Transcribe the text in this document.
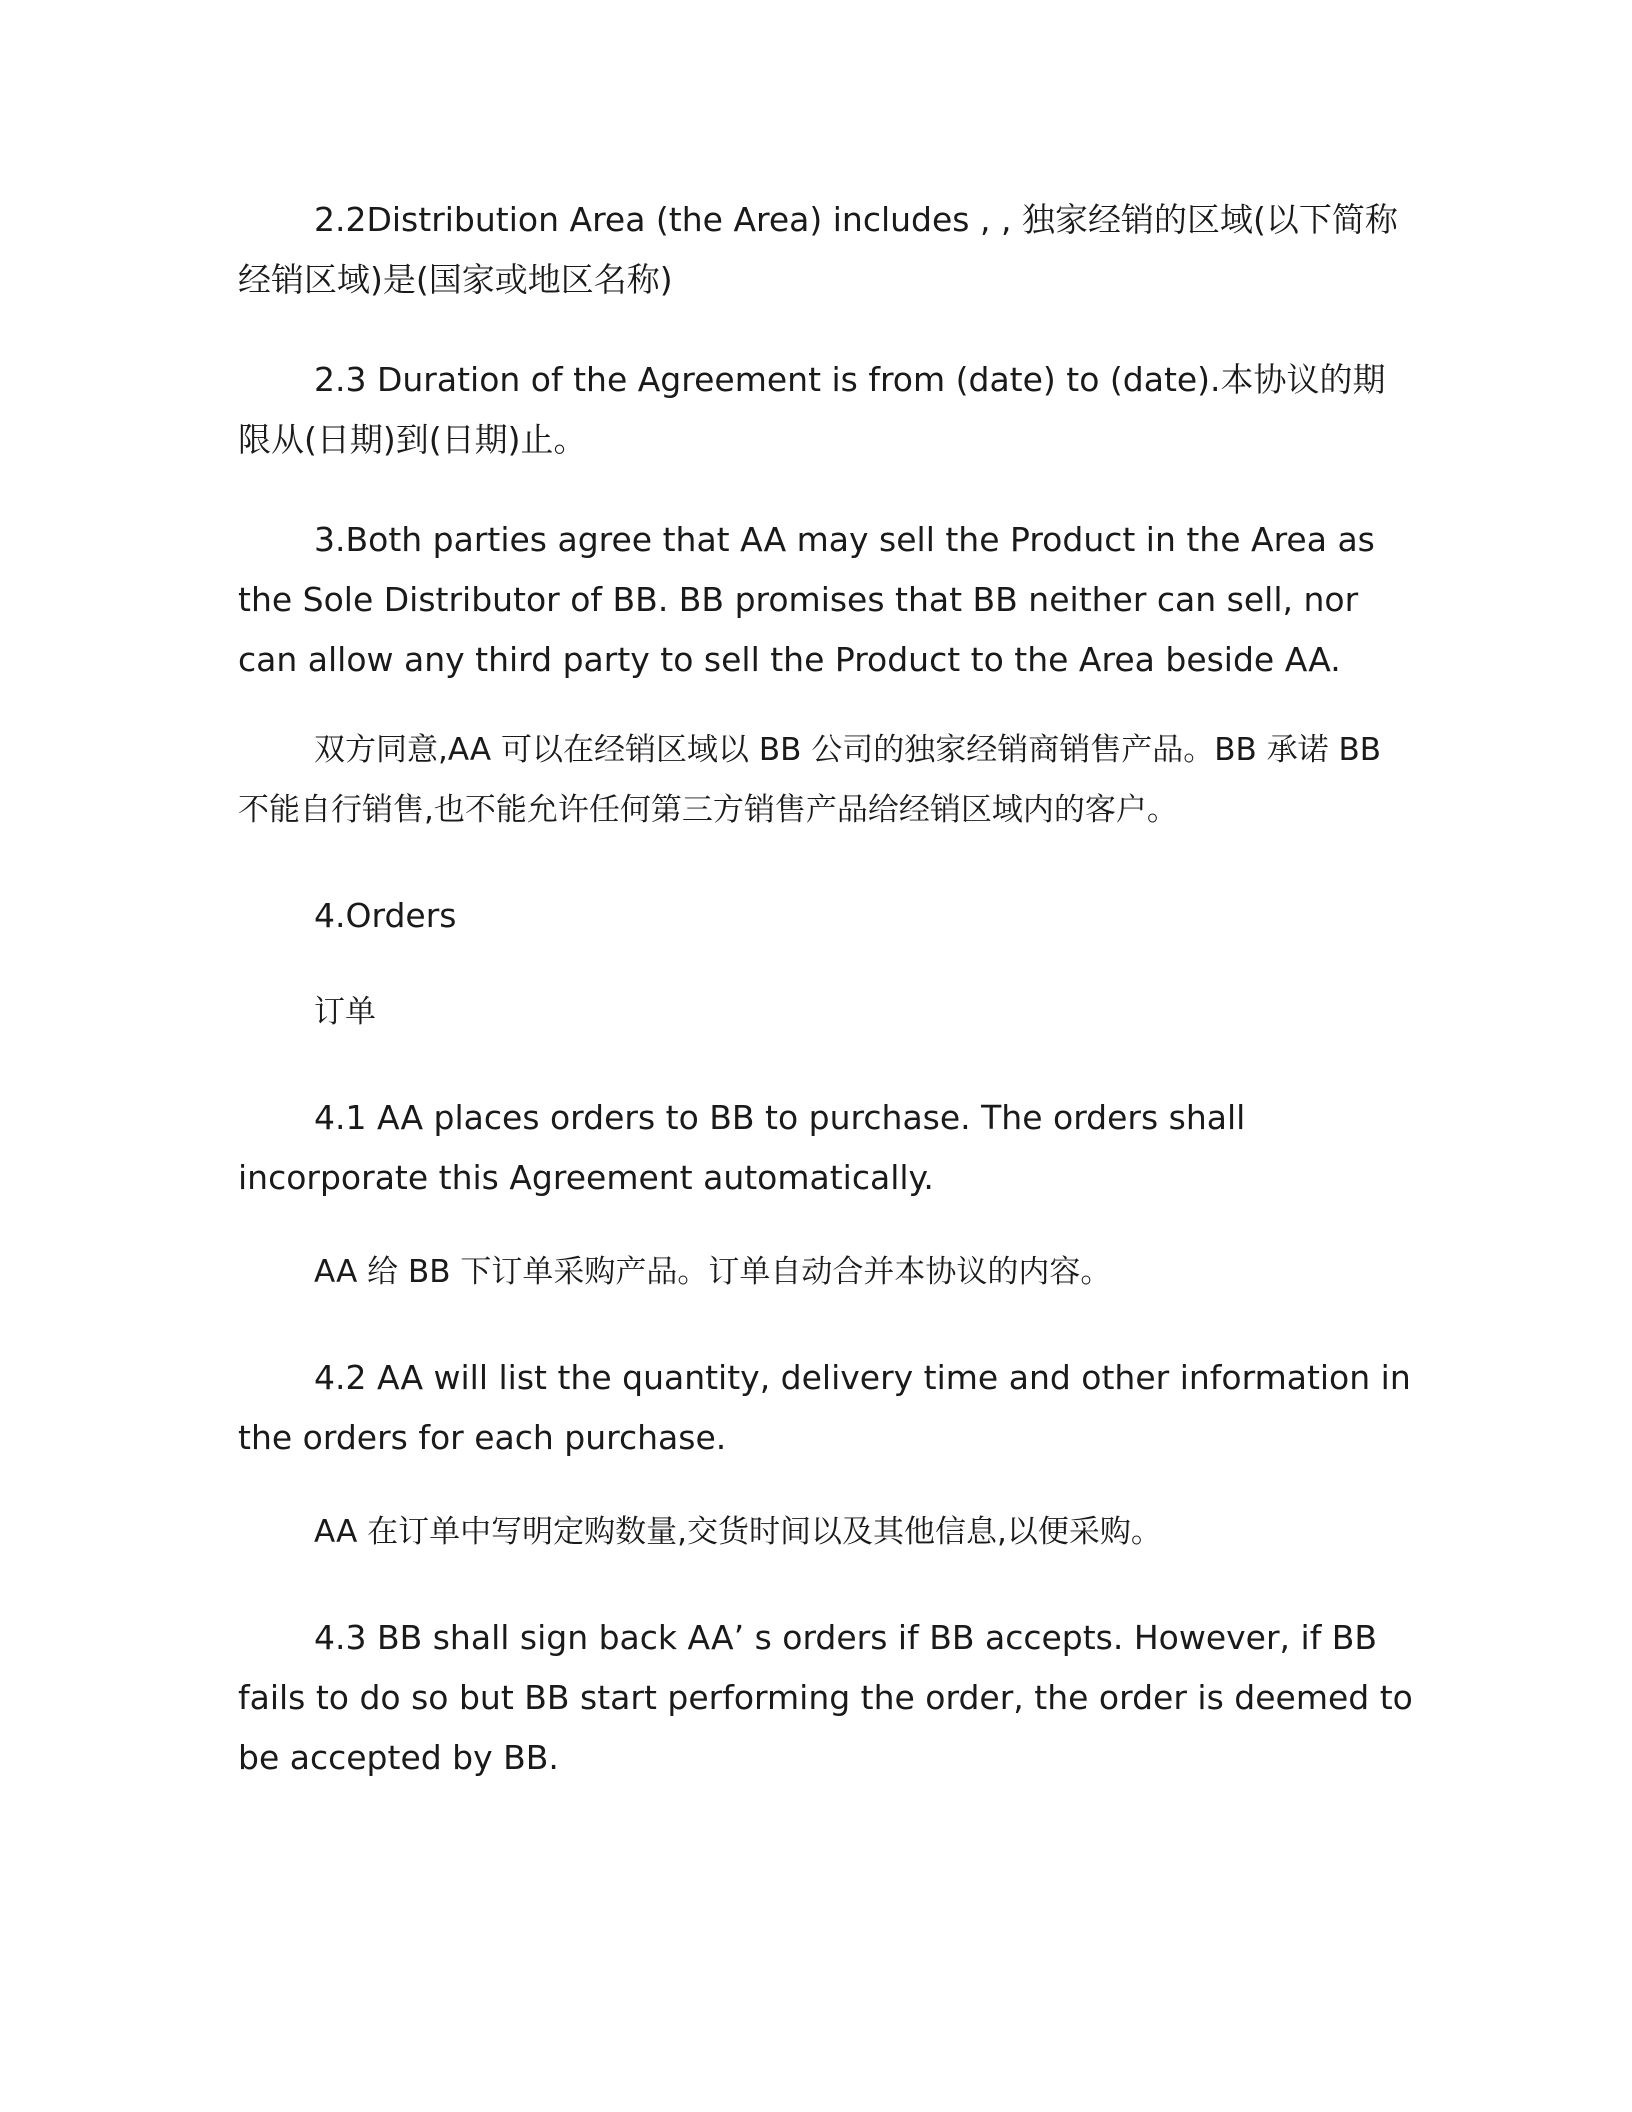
2.2Distribution Area (the Area) includes , , 独家经销的区域(以下简称经销区域)是(国家或地区名称)

2.3 Duration of the Agreement is from (date) to (date).本协议的期限从(日期)到(日期)止。

3.Both parties agree that AA may sell the Product in the Area as the Sole Distributor of BB. BB promises that BB neither can sell, nor can allow any third party to sell the Product to the Area beside AA.

双方同意,AA 可以在经销区域以 BB 公司的独家经销商销售产品。BB 承诺 BB 不能自行销售,也不能允许任何第三方销售产品给经销区域内的客户。

4.Orders

订单

4.1 AA places orders to BB to purchase. The orders shall incorporate this Agreement automatically.

AA 给 BB 下订单采购产品。订单自动合并本协议的内容。

4.2 AA will list the quantity, delivery time and other information in the orders for each purchase.

AA 在订单中写明定购数量,交货时间以及其他信息,以便采购。

4.3 BB shall sign back AA’ s orders if BB accepts. However, if BB fails to do so but BB start performing the order, the order is deemed to be accepted by BB.
